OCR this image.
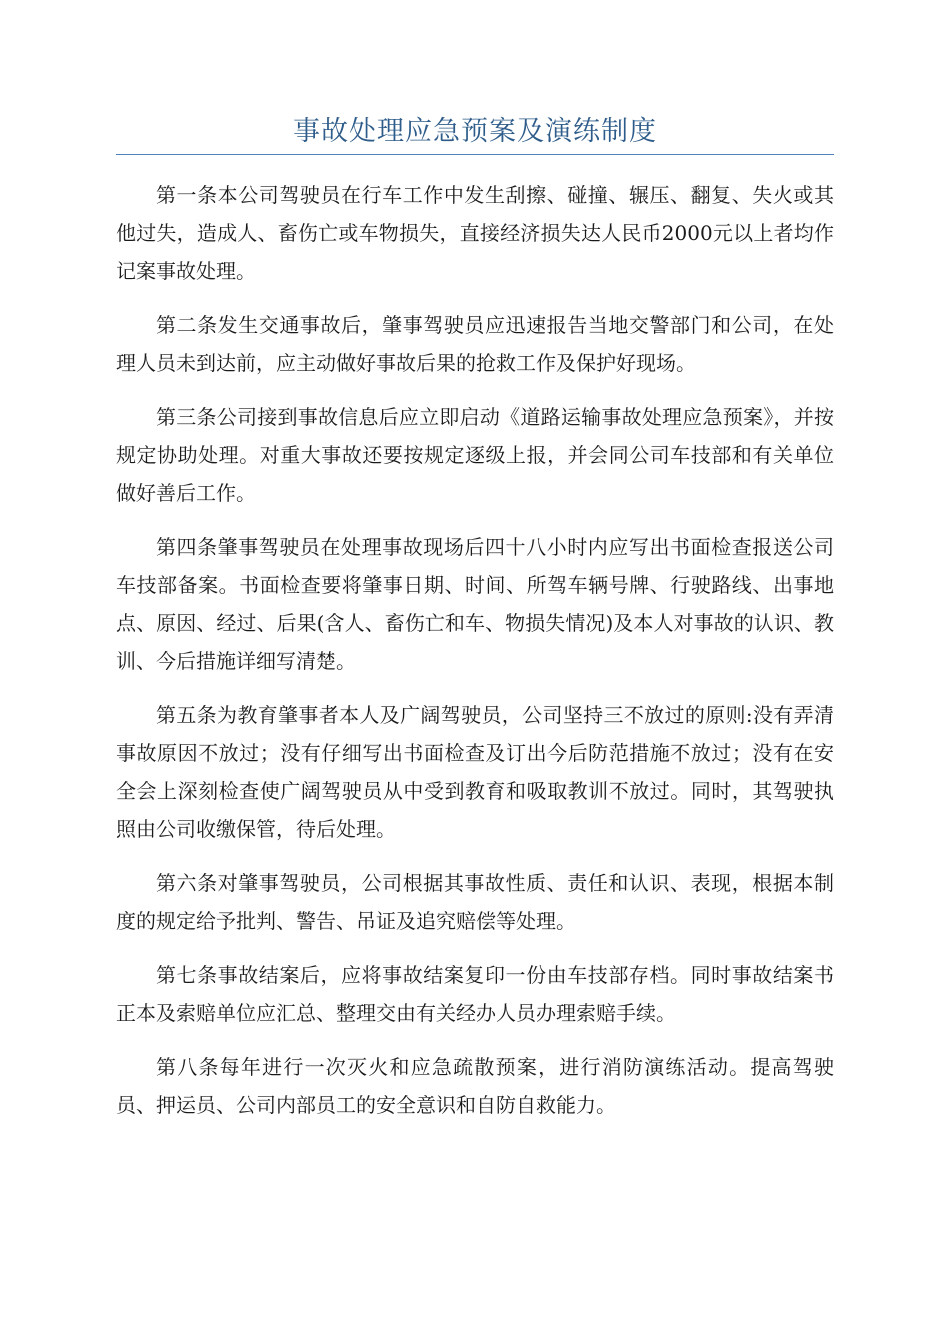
事故处理应急预案及演练制度

第一条本公司驾驶员在行车工作中发生刮擦、碰撞、辗压、翻复、失火或其他过失，造成人、畜伤亡或车物损失，直接经济损失达人民币2000元以上者均作记案事故处理。

第二条发生交通事故后，肇事驾驶员应迅速报告当地交警部门和公司，在处理人员未到达前，应主动做好事故后果的抢救工作及保护好现场。

第三条公司接到事故信息后应立即启动《道路运输事故处理应急预案》，并按规定协助处理。对重大事故还要按规定逐级上报，并会同公司车技部和有关单位做好善后工作。

第四条肇事驾驶员在处理事故现场后四十八小时内应写出书面检查报送公司车技部备案。书面检查要将肇事日期、时间、所驾车辆号牌、行驶路线、出事地点、原因、经过、后果(含人、畜伤亡和车、物损失情况)及本人对事故的认识、教训、今后措施详细写清楚。

第五条为教育肇事者本人及广阔驾驶员，公司坚持三不放过的原则:没有弄清事故原因不放过；没有仔细写出书面检查及订出今后防范措施不放过；没有在安全会上深刻检查使广阔驾驶员从中受到教育和吸取教训不放过。同时，其驾驶执照由公司收缴保管，待后处理。

第六条对肇事驾驶员，公司根据其事故性质、责任和认识、表现，根据本制度的规定给予批判、警告、吊证及追究赔偿等处理。

第七条事故结案后，应将事故结案复印一份由车技部存档。同时事故结案书正本及索赔单位应汇总、整理交由有关经办人员办理索赔手续。

第八条每年进行一次灭火和应急疏散预案，进行消防演练活动。提高驾驶员、押运员、公司内部员工的安全意识和自防自救能力。
